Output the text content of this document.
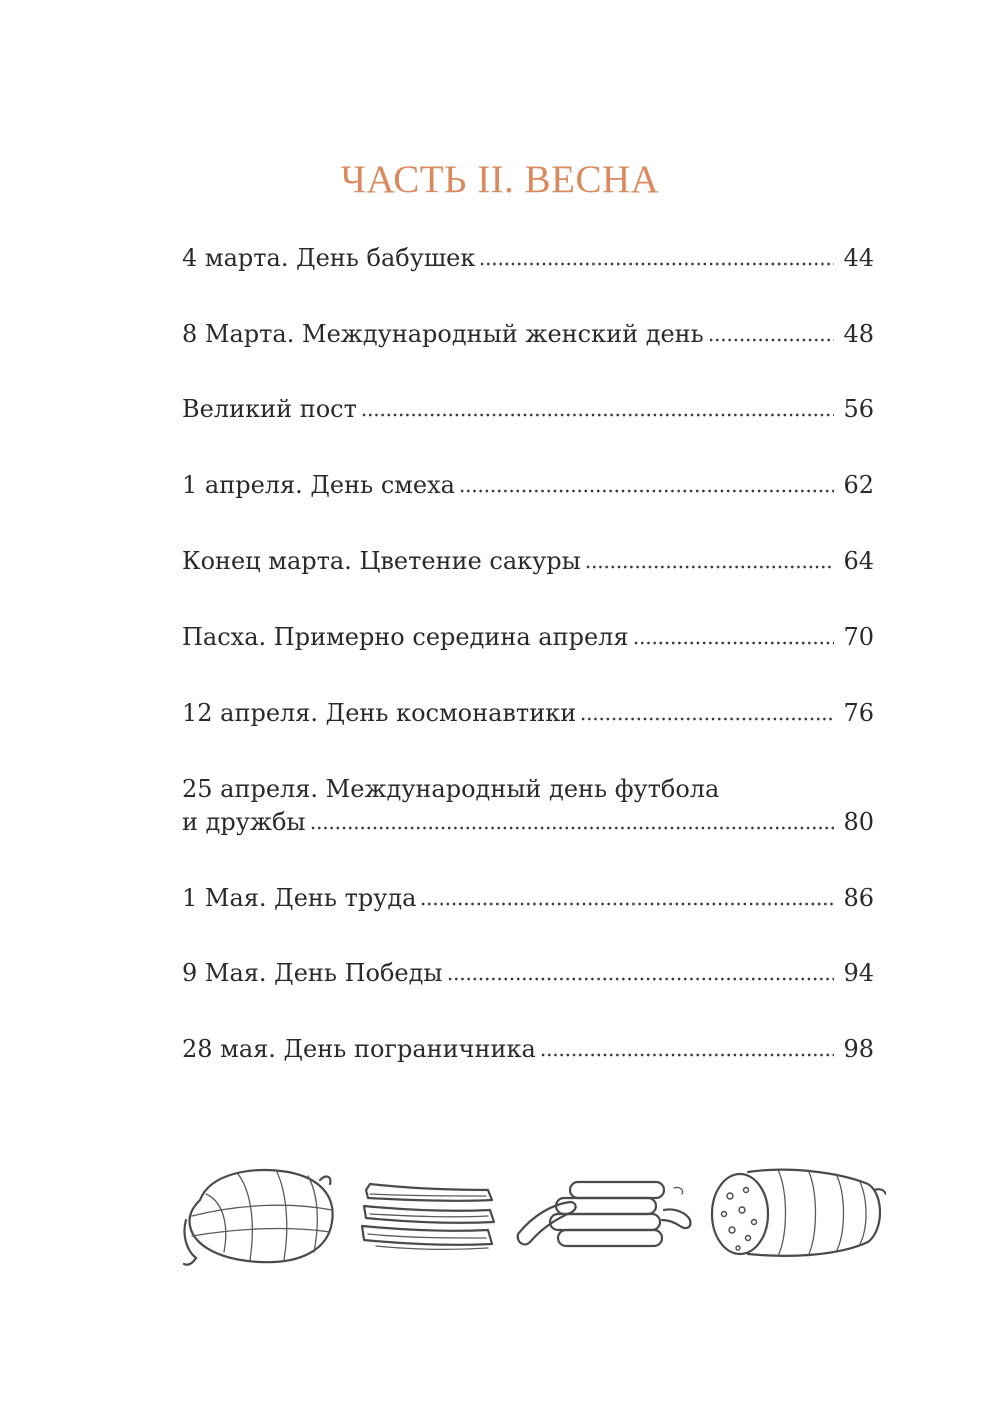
ЧАСТЬ II. ВЕСНА
4 марта. День бабушек	44
8 Марта. Международный женский день	48
Великий пост	56
1 апреля. День смеха	62
Конец марта. Цветение сакуры	64
Пасха. Примерно середина апреля	70
12 апреля. День космонавтики	76
25 апреля. Международный день футбола
и дружбы	80
1 Мая. День труда	86
9 Мая. День Победы	94
28 мая. День пограничника	98
